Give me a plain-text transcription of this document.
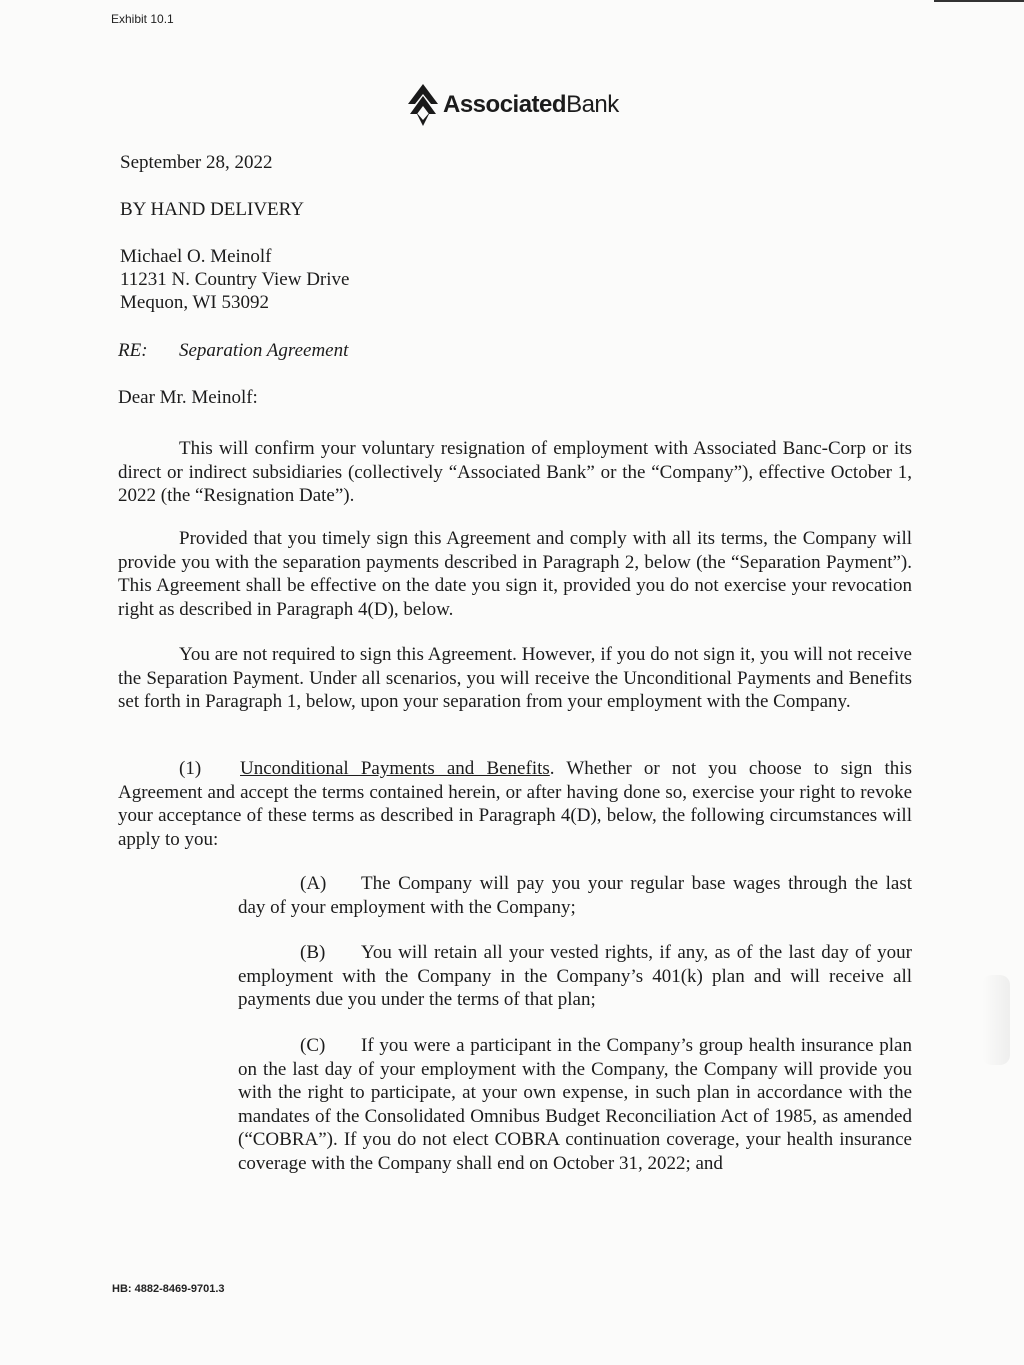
Exhibit 10.1
Associated Bank
September 28, 2022
BY HAND DELIVERY
Michael O. Meinolf
11231 N. Country View Drive
Mequon, WI 53092
RE: Separation Agreement
Dear Mr. Meinolf:
This will confirm your voluntary resignation of employment with Associated Banc-Corp or its direct or indirect subsidiaries (collectively “Associated Bank” or the “Company”), effective October 1, 2022 (the “Resignation Date”).
Provided that you timely sign this Agreement and comply with all its terms, the Company will provide you with the separation payments described in Paragraph 2, below (the “Separation Payment”). This Agreement shall be effective on the date you sign it, provided you do not exercise your revocation right as described in Paragraph 4(D), below.
You are not required to sign this Agreement. However, if you do not sign it, you will not receive the Separation Payment. Under all scenarios, you will receive the Unconditional Payments and Benefits set forth in Paragraph 1, below, upon your separation from your employment with the Company.
(1) Unconditional Payments and Benefits. Whether or not you choose to sign this Agreement and accept the terms contained herein, or after having done so, exercise your right to revoke your acceptance of these terms as described in Paragraph 4(D), below, the following circumstances will apply to you:
(A) The Company will pay you your regular base wages through the last day of your employment with the Company;
(B) You will retain all your vested rights, if any, as of the last day of your employment with the Company in the Company’s 401(k) plan and will receive all payments due you under the terms of that plan;
(C) If you were a participant in the Company’s group health insurance plan on the last day of your employment with the Company, the Company will provide you with the right to participate, at your own expense, in such plan in accordance with the mandates of the Consolidated Omnibus Budget Reconciliation Act of 1985, as amended (“COBRA”). If you do not elect COBRA continuation coverage, your health insurance coverage with the Company shall end on October 31, 2022; and
HB: 4882-8469-9701.3
